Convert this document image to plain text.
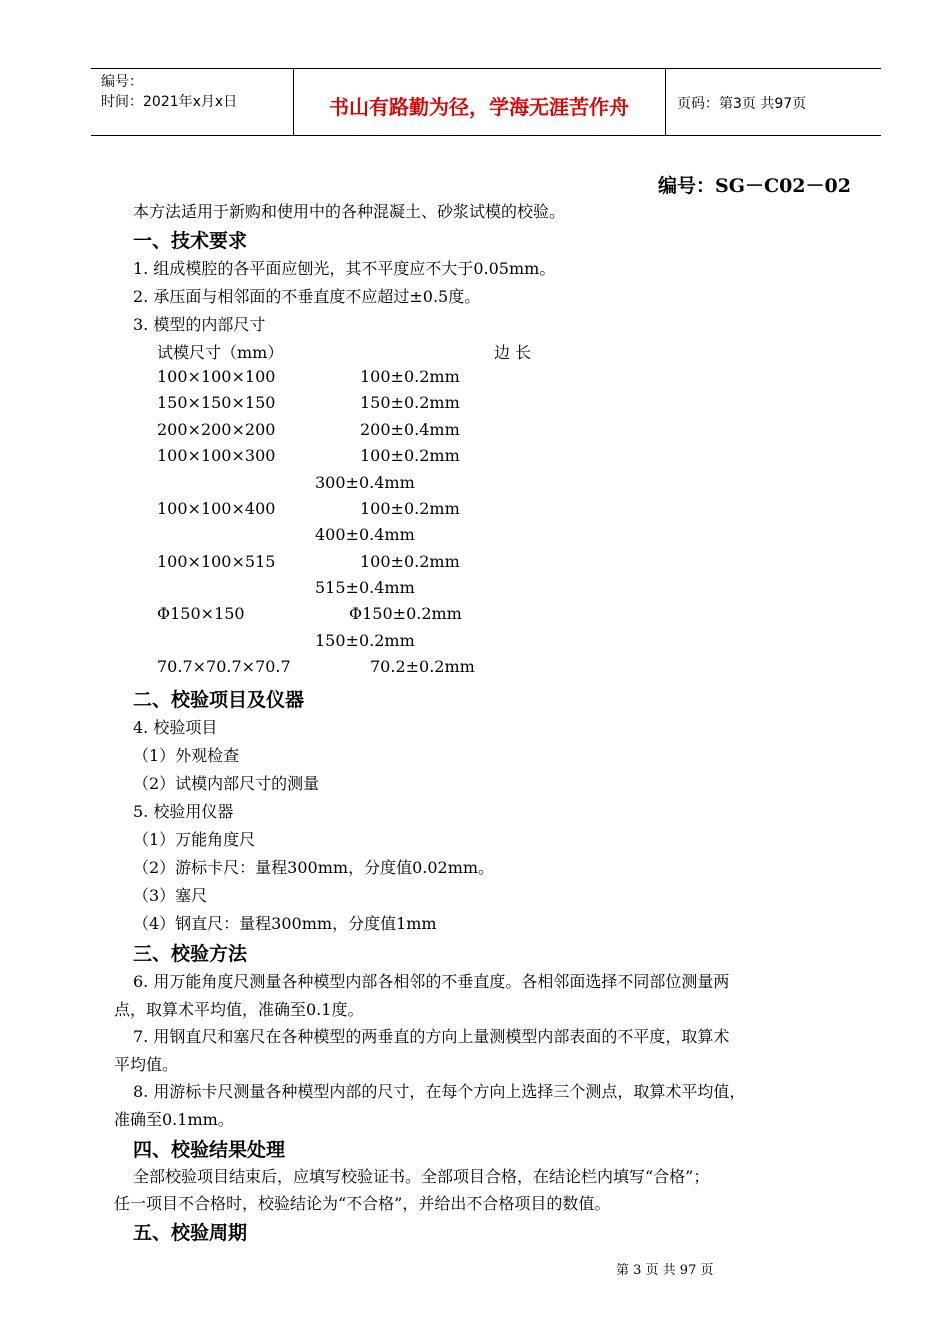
编号：
时间：2021年x月x日	书山有路勤为径，学海无涯苦作舟	页码：第3页 共97页
编号：SG－C02－02
本方法适用于新购和使用中的各种混凝土、砂浆试模的校验。
一、技术要求
1. 组成模腔的各平面应刨光，其不平度应不大于0.05mm。
2. 承压面与相邻面的不垂直度不应超过±0.5度。
3. 模型的内部尺寸
试模尺寸（mm）	边 长
100×100×100	100±0.2mm
150×150×150	150±0.2mm
200×200×200	200±0.4mm
100×100×300	100±0.2mm
300±0.4mm
100×100×400	100±0.2mm
400±0.4mm
100×100×515	100±0.2mm
515±0.4mm
Φ150×150	Φ150±0.2mm
150±0.2mm
70.7×70.7×70.7	70.2±0.2mm
二、校验项目及仪器
4. 校验项目
（1）外观检查
（2）试模内部尺寸的测量
5. 校验用仪器
（1）万能角度尺
（2）游标卡尺：量程300mm，分度值0.02mm。
（3）塞尺
（4）钢直尺：量程300mm，分度值1mm
三、校验方法
6. 用万能角度尺测量各种模型内部各相邻的不垂直度。各相邻面选择不同部位测量两
点，取算术平均值，准确至0.1度。
7. 用钢直尺和塞尺在各种模型的两垂直的方向上量测模型内部表面的不平度，取算术
平均值。
8. 用游标卡尺测量各种模型内部的尺寸，在每个方向上选择三个测点，取算术平均值，
准确至0.1mm。
四、校验结果处理
全部校验项目结束后，应填写校验证书。全部项目合格，在结论栏内填写“合格”；
任一项目不合格时，校验结论为“不合格”，并给出不合格项目的数值。
五、校验周期
第 3 页 共 97 页
